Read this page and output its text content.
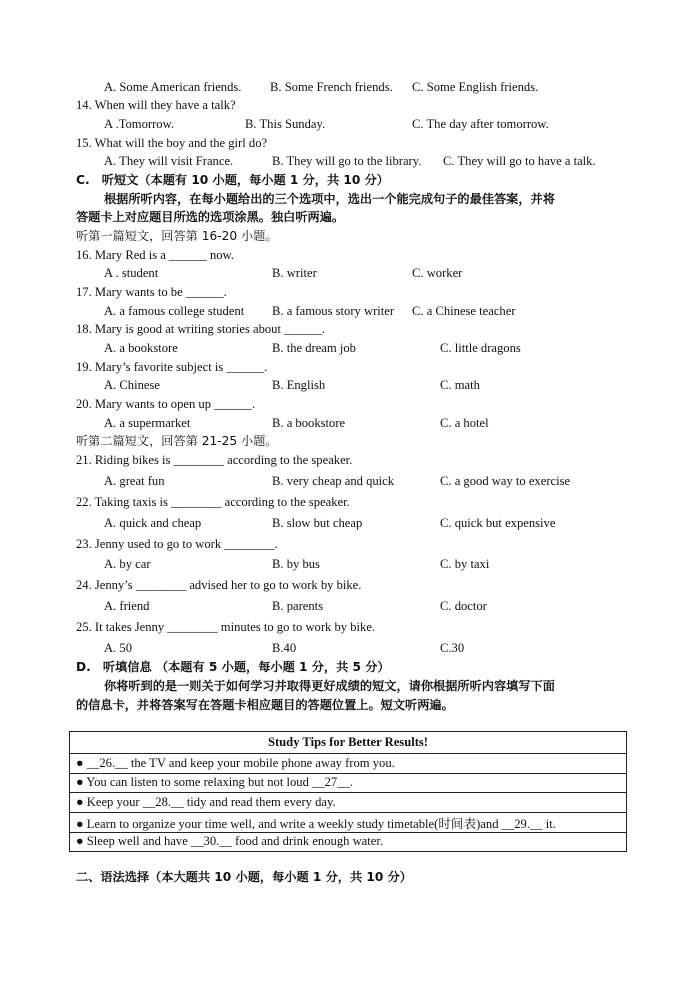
A. Some American friends. B. Some French friends. C. Some English friends.
14. When will they have a talk?
A .Tomorrow.	B. This Sunday.	C. The day after tomorrow.
15. What will the boy and the girl do?
A. They will visit France.	B. They will go to the library. C. They will go to have a talk.
C.　听短文（本题有 10 小题，每小题 1 分，共 10 分）
根据所听内容，在每小题给出的三个选项中，选出一个能完成句子的最佳答案，并将
答题卡上对应题目所选的选项涂黑。独白听两遍。
听第一篇短文，回答第 16-20 小题。
16. Mary Red is a ______ now.
A . student	B. writer	C. worker
17. Mary wants to be ______.
A. a famous college student B. a famous story writer C. a Chinese teacher
18. Mary is good at writing stories about ______.
A. a bookstore	B. the dream job	C. little dragons
19. Mary’s favorite subject is ______.
A. Chinese	B. English	C. math
20. Mary wants to open up ______.
A. a supermarket	B. a bookstore	C. a hotel
听第二篇短文，回答第 21-25 小题。
21. Riding bikes is ________ according to the speaker.
A. great fun	B. very cheap and quick	C. a good way to exercise
22. Taking taxis is ________ according to the speaker.
A. quick and cheap	B. slow but cheap	C. quick but expensive
23. Jenny used to go to work ________.
A. by car	B. by bus	C. by taxi
24. Jenny’s ________ advised her to go to work by bike.
A. friend	B. parents	C. doctor
25. It takes Jenny ________ minutes to go to work by bike.
A. 50	B.40	C.30
D.　听填信息 （本题有 5 小题，每小题 1 分，共 5 分）
你将听到的是一则关于如何学习并取得更好成绩的短文，请你根据所听内容填写下面
的信息卡，并将答案写在答题卡相应题目的答题位置上。短文听两遍。
Study Tips for Better Results!
● __26.__ the TV and keep your mobile phone away from you.
● You can listen to some relaxing but not loud __27__.
● Keep your __28.__ tidy and read them every day.
● Learn to organize your time well, and write a weekly study timetable(时间表)and __29.__ it.
● Sleep well and have __30.__ food and drink enough water.
二、语法选择（本大题共 10 小题，每小题 1 分，共 10 分）
